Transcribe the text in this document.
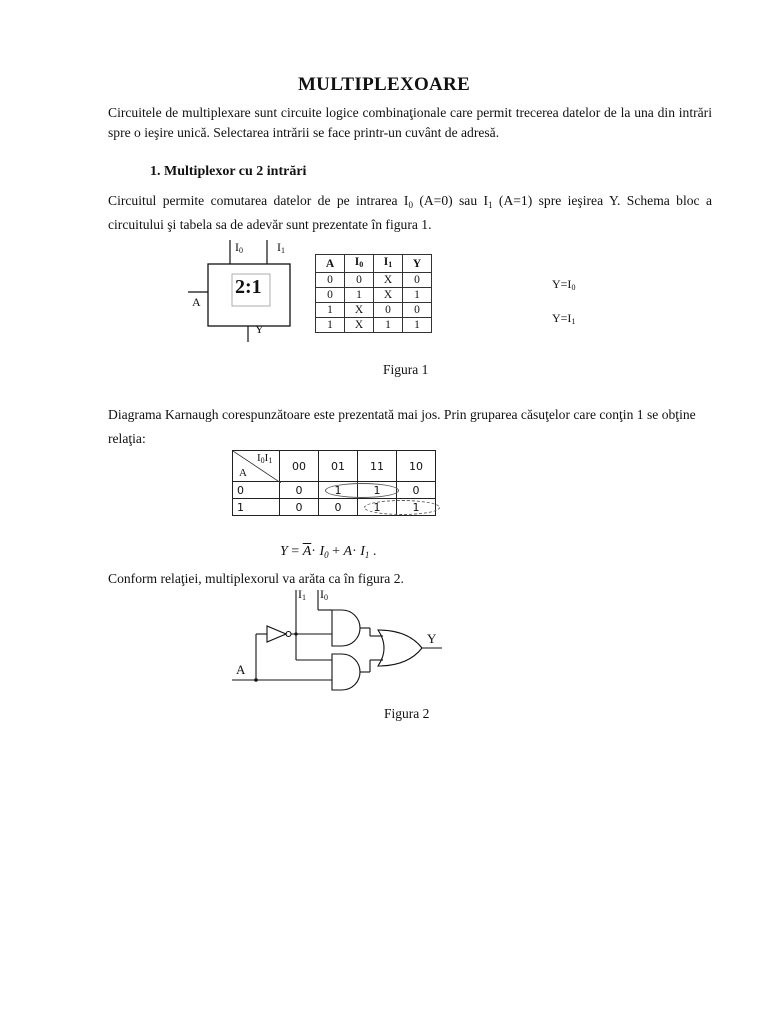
MULTIPLEXOARE
Circuitele de multiplexare sunt circuite logice combinaţionale care permit trecerea datelor de la una din intrări spre o ieşire unică. Selectarea intrării se face printr-un cuvânt de adresă.
1. Multiplexor cu 2 intrări
Circuitul permite comutarea datelor de pe intrarea $I_0$ (A=0) sau $I_1$ (A=1) spre ieşirea Y. Schema bloc a circuitului şi tabela sa de adevăr sunt prezentate în figura 1.
2:1
I0	I1
A
Y
A	I0	I1	Y
0	0	X	0
0	1	X	1
1	X	0	0
1	X	1	1
Y=I0
Y=I1
Figura 1
Diagrama Karnaugh corespunzătoare este prezentată mai jos. Prin gruparea căsuţelor care conţin 1 se obţine relaţia:
I0I1
A	00	01	11	10
0	0	1	1	0
1	0	0	1	1
$Y = \overline{A}\cdot I_0 + A\cdot I_1$ .
Conform relaţiei, multiplexorul va arăta ca în figura 2.
I1 I0
A
Y
Figura 2
